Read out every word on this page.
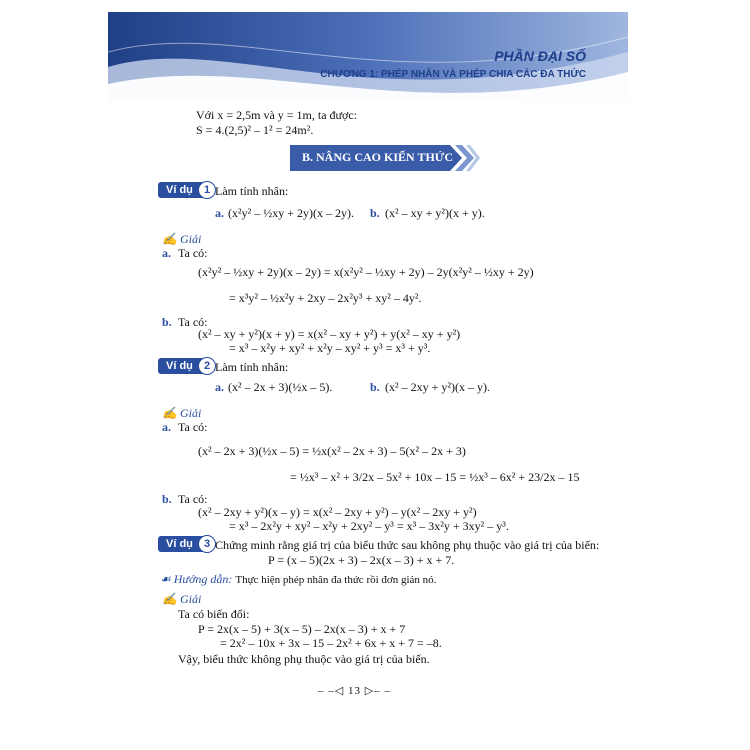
PHẦN ĐẠI SỐ
CHƯƠNG 1: PHÉP NHÂN VÀ PHÉP CHIA CÁC ĐA THỨC
Với x = 2,5m và y = 1m, ta được:
S = 4.(2,5)² – 1² = 24m².
B. NÂNG CAO KIẾN THỨC
Ví dụ	1 Làm tính nhân:
a. (x²y² – ½xy + 2y)(x – 2y). b. (x² – xy + y²)(x + y).
✍ Giải
a. Ta có:
(x²y² – ½xy + 2y)(x – 2y) = x(x²y² – ½xy + 2y) – 2y(x²y² – ½xy + 2y)
= x³y² – ½x²y + 2xy – 2x²y³ + xy² – 4y².
b. Ta có:
(x² – xy + y²)(x + y) = x(x² – xy + y²) + y(x² – xy + y²)
= x³ – x²y + xy² + x²y – xy² + y³ = x³ + y³.
Ví dụ	2 Làm tính nhân:
a. (x² – 2x + 3)(½x – 5).	b. (x² – 2xy + y²)(x – y).
✍ Giải
a. Ta có:
(x² – 2x + 3)(½x – 5) = ½x(x² – 2x + 3) – 5(x² – 2x + 3)
= ½x³ – x² + 3/2x – 5x² + 10x – 15 = ½x³ – 6x² + 23/2x – 15
b. Ta có:
(x² – 2xy + y²)(x – y) = x(x² – 2xy + y²) – y(x² – 2xy + y²)
= x³ – 2x²y + xy² – x²y + 2xy² – y³ = x³ – 3x²y + 3xy² – y³.
Ví dụ	3 Chứng minh rằng giá trị của biểu thức sau không phụ thuộc vào giá trị của biến:
P = (x – 5)(2x + 3) – 2x(x – 3) + x + 7.
☙ Hướng dẫn: Thực hiện phép nhân đa thức rồi đơn giản nó.
✍ Giải
Ta có biến đổi:
P = 2x(x – 5) + 3(x – 5) – 2x(x – 3) + x + 7
= 2x² – 10x + 3x – 15 – 2x² + 6x + x + 7 = –8.
Vậy, biểu thức không phụ thuộc vào giá trị của biến.
– –◁ 13 ▷– –
